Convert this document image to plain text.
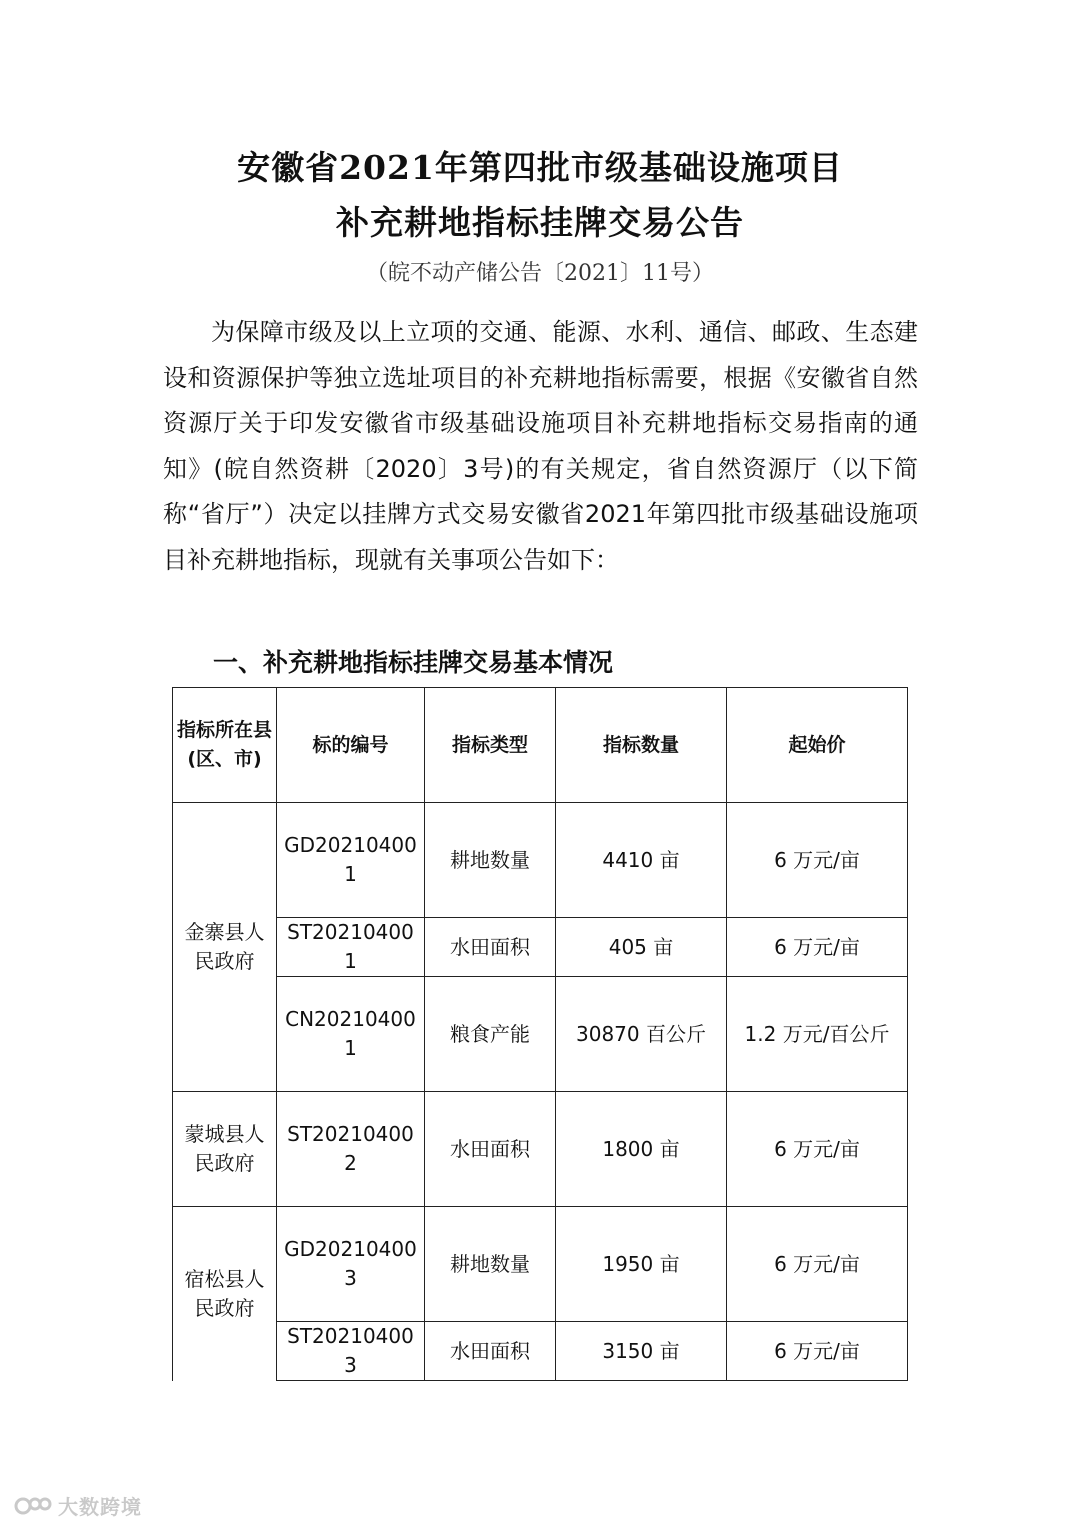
安徽省2021年第四批市级基础设施项目
补充耕地指标挂牌交易公告
（皖不动产储公告〔2021〕11号）

为保障市级及以上立项的交通、能源、水利、通信、邮政、生态建设和资源保护等独立选址项目的补充耕地指标需要，根据《安徽省自然资源厅关于印发安徽省市级基础设施项目补充耕地指标交易指南的通知》(皖自然资耕〔2020〕3号)的有关规定，省自然资源厅（以下简称“省厅”）决定以挂牌方式交易安徽省2021年第四批市级基础设施项目补充耕地指标，现就有关事项公告如下：

一、补充耕地指标挂牌交易基本情况
指标所在县(区、市)	标的编号	指标类型	指标数量	起始价
金寨县人民政府	GD202104001	耕地数量	4410 亩	6 万元/亩
	ST202104001	水田面积	405 亩	6 万元/亩
	CN202104001	粮食产能	30870 百公斤	1.2 万元/百公斤
蒙城县人民政府	ST202104002	水田面积	1800 亩	6 万元/亩
宿松县人民政府	GD202104003	耕地数量	1950 亩	6 万元/亩
	ST202104003	水田面积	3150 亩	6 万元/亩
大数跨境
